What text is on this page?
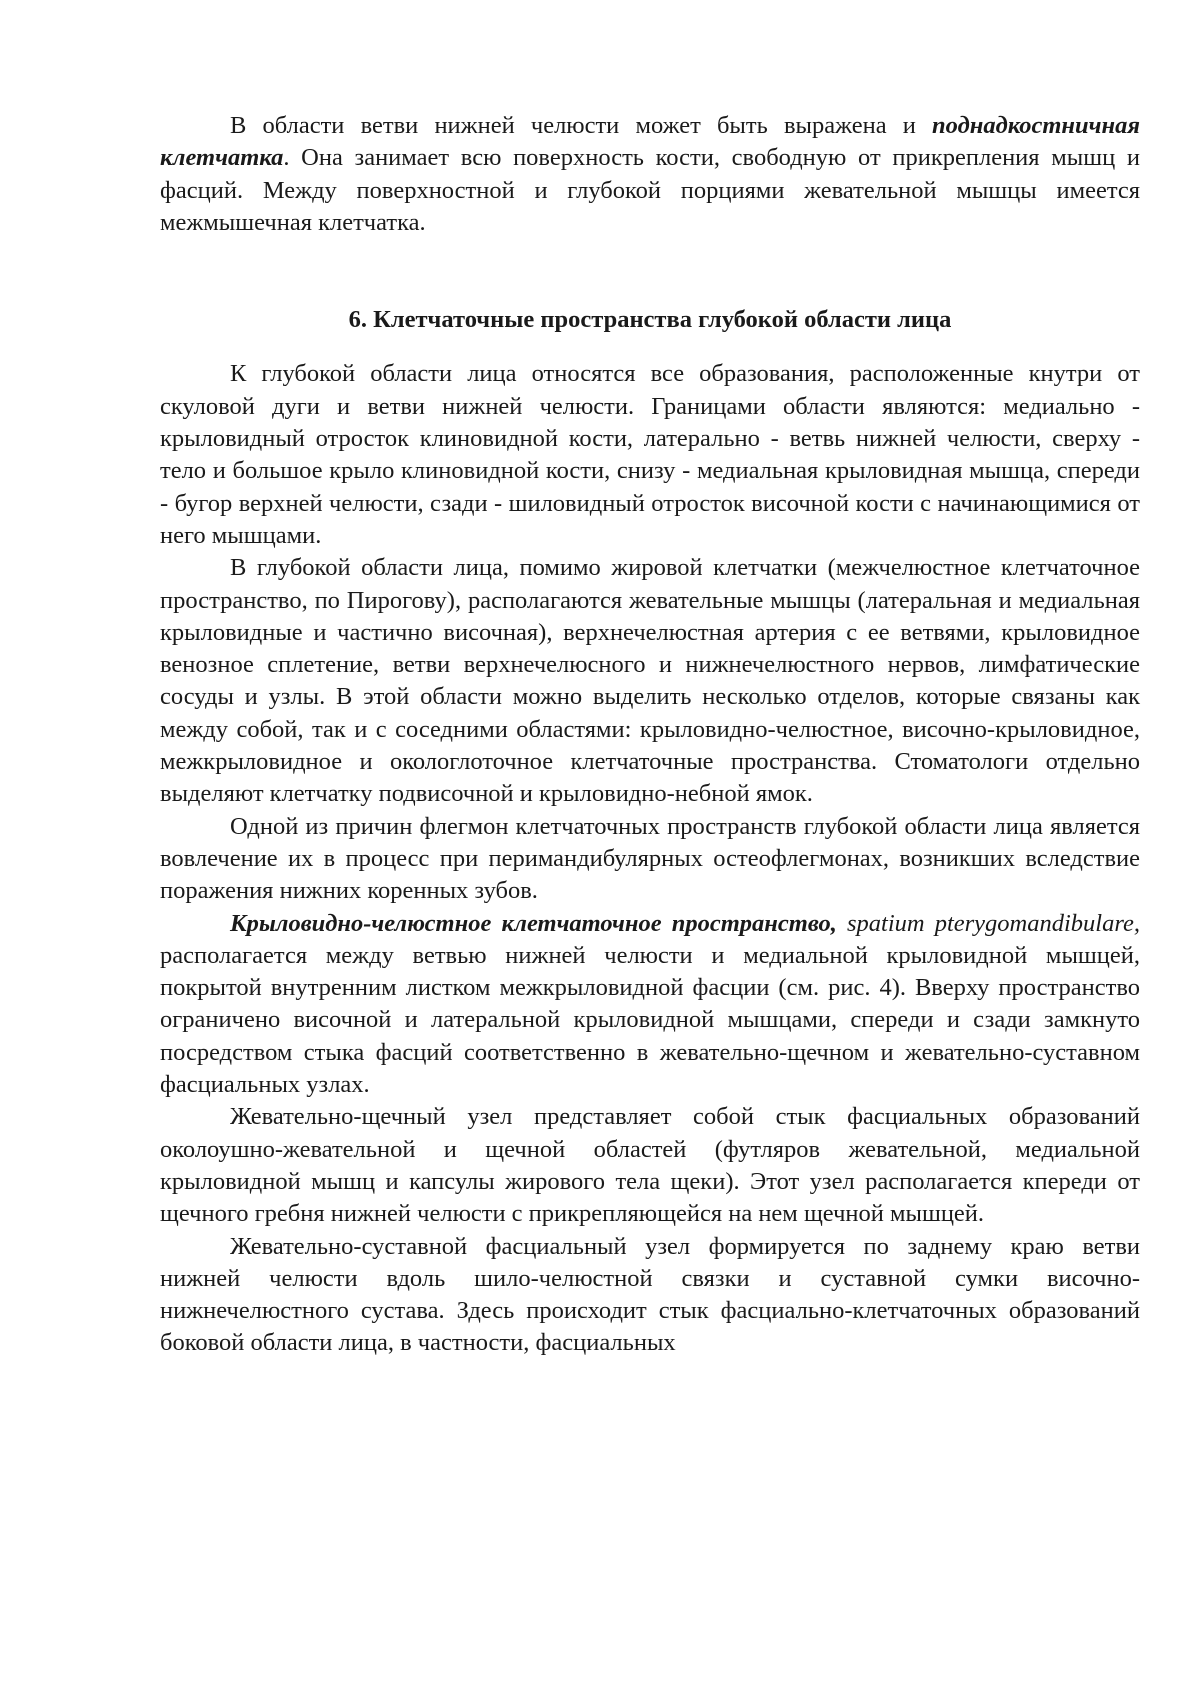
В области ветви нижней челюсти может быть выражена и поднадкостничная клетчатка. Она занимает всю поверхность кости, свободную от прикрепления мышц и фасций. Между поверхностной и глубокой порциями жевательной мышцы имеется межмышечная клетчатка.

6. Клетчаточные пространства глубокой области лица

К глубокой области лица относятся все образования, расположенные кнутри от скуловой дуги и ветви нижней челюсти. Границами области являются: медиально - крыловидный отросток клиновидной кости, латерально - ветвь нижней челюсти, сверху - тело и большое крыло клиновидной кости, снизу - медиальная крыловидная мышца, спереди - бугор верхней челюсти, сзади - шиловидный отросток височной кости с начинающимися от него мышцами.

В глубокой области лица, помимо жировой клетчатки (межчелюстное клетчаточное пространство, по Пирогову), располагаются жевательные мышцы (латеральная и медиальная крыловидные и частично височная), верхнечелюстная артерия с ее ветвями, крыловидное венозное сплетение, ветви верхнечелюсного и нижнечелюстного нервов, лимфатические сосуды и узлы. В этой области можно выделить несколько отделов, которые связаны как между собой, так и с соседними областями: крыловидно-челюстное, височно-крыловидное, межкрыловидное и окологлоточное клетчаточные пространства. Стоматологи отдельно выделяют клетчатку подвисочной и крыловидно-небной ямок.

Одной из причин флегмон клетчаточных пространств глубокой области лица является вовлечение их в процесс при перимандибулярных остеофлегмонах, возникших вследствие поражения нижних коренных зубов.

Крыловидно-челюстное клетчаточное пространство, spatium pterygomandibulare, располагается между ветвью нижней челюсти и медиальной крыловидной мышцей, покрытой внутренним листком межкрыловидной фасции (см. рис. 4). Вверху пространство ограничено височной и латеральной крыловидной мышцами, спереди и сзади замкнуто посредством стыка фасций соответственно в жевательно-щечном и жевательно-суставном фасциальных узлах.

Жевательно-щечный узел представляет собой стык фасциальных образований околоушно-жевательной и щечной областей (футляров жевательной, медиальной крыловидной мышц и капсулы жирового тела щеки). Этот узел располагается кпереди от щечного гребня нижней челюсти с прикрепляющейся на нем щечной мышцей.

Жевательно-суставной фасциальный узел формируется по заднему краю ветви нижней челюсти вдоль шило-челюстной связки и суставной сумки височно-нижнечелюстного сустава. Здесь происходит стык фасциально-клетчаточных образований боковой области лица, в частности, фасциальных
